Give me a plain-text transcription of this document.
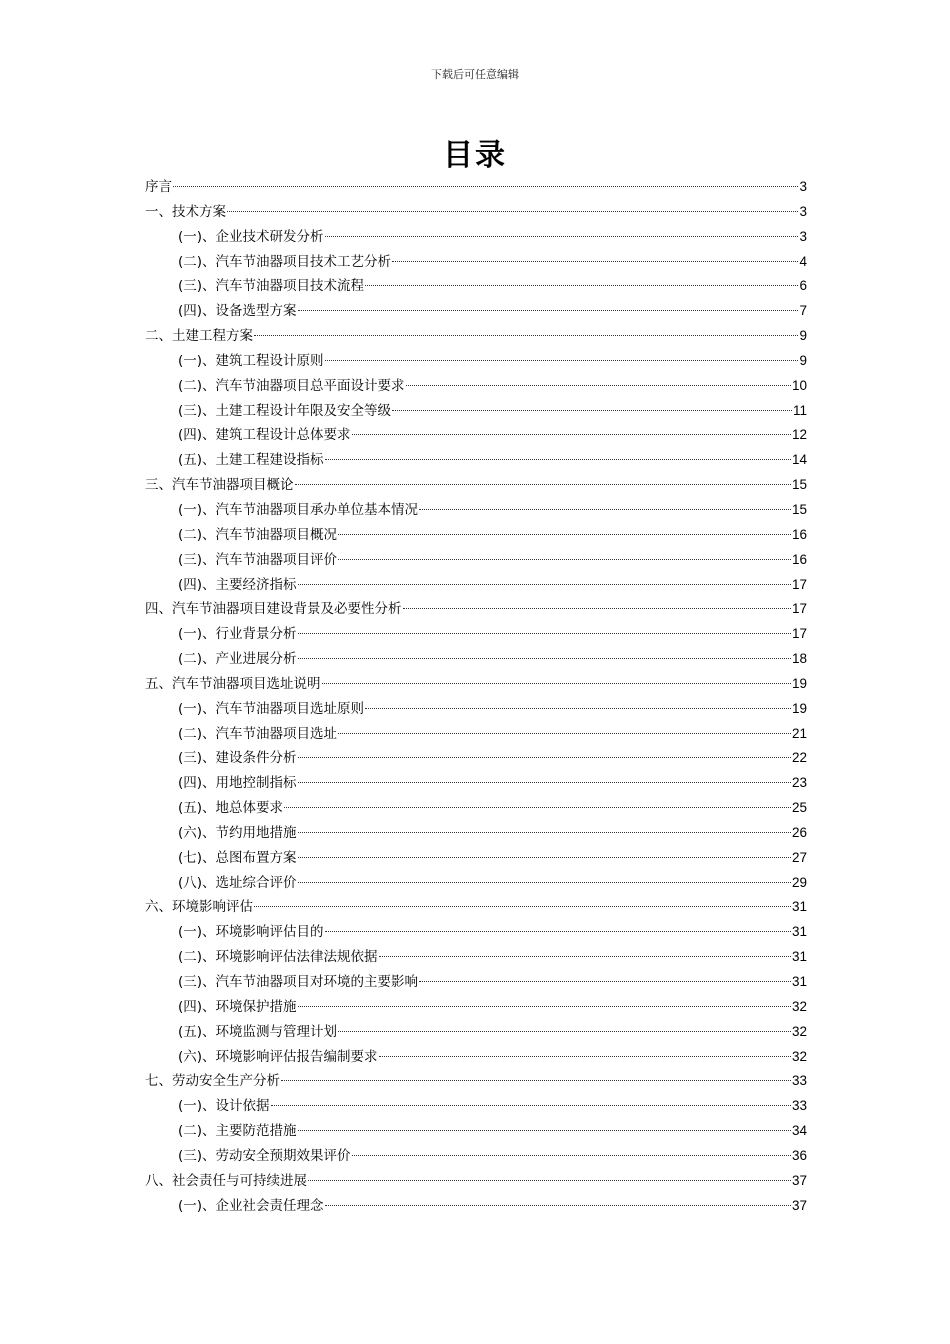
下载后可任意编辑
目录
序言	3
一、技术方案	3
(一)、企业技术研发分析	3
(二)、汽车节油器项目技术工艺分析	4
(三)、汽车节油器项目技术流程	6
(四)、设备选型方案	7
二、土建工程方案	9
(一)、建筑工程设计原则	9
(二)、汽车节油器项目总平面设计要求	10
(三)、土建工程设计年限及安全等级	11
(四)、建筑工程设计总体要求	12
(五)、土建工程建设指标	14
三、汽车节油器项目概论	15
(一)、汽车节油器项目承办单位基本情况	15
(二)、汽车节油器项目概况	16
(三)、汽车节油器项目评价	16
(四)、主要经济指标	17
四、汽车节油器项目建设背景及必要性分析	17
(一)、行业背景分析	17
(二)、产业进展分析	18
五、汽车节油器项目选址说明	19
(一)、汽车节油器项目选址原则	19
(二)、汽车节油器项目选址	21
(三)、建设条件分析	22
(四)、用地控制指标	23
(五)、地总体要求	25
(六)、节约用地措施	26
(七)、总图布置方案	27
(八)、选址综合评价	29
六、环境影响评估	31
(一)、环境影响评估目的	31
(二)、环境影响评估法律法规依据	31
(三)、汽车节油器项目对环境的主要影响	31
(四)、环境保护措施	32
(五)、环境监测与管理计划	32
(六)、环境影响评估报告编制要求	32
七、劳动安全生产分析	33
(一)、设计依据	33
(二)、主要防范措施	34
(三)、劳动安全预期效果评价	36
八、社会责任与可持续进展	37
(一)、企业社会责任理念	37
